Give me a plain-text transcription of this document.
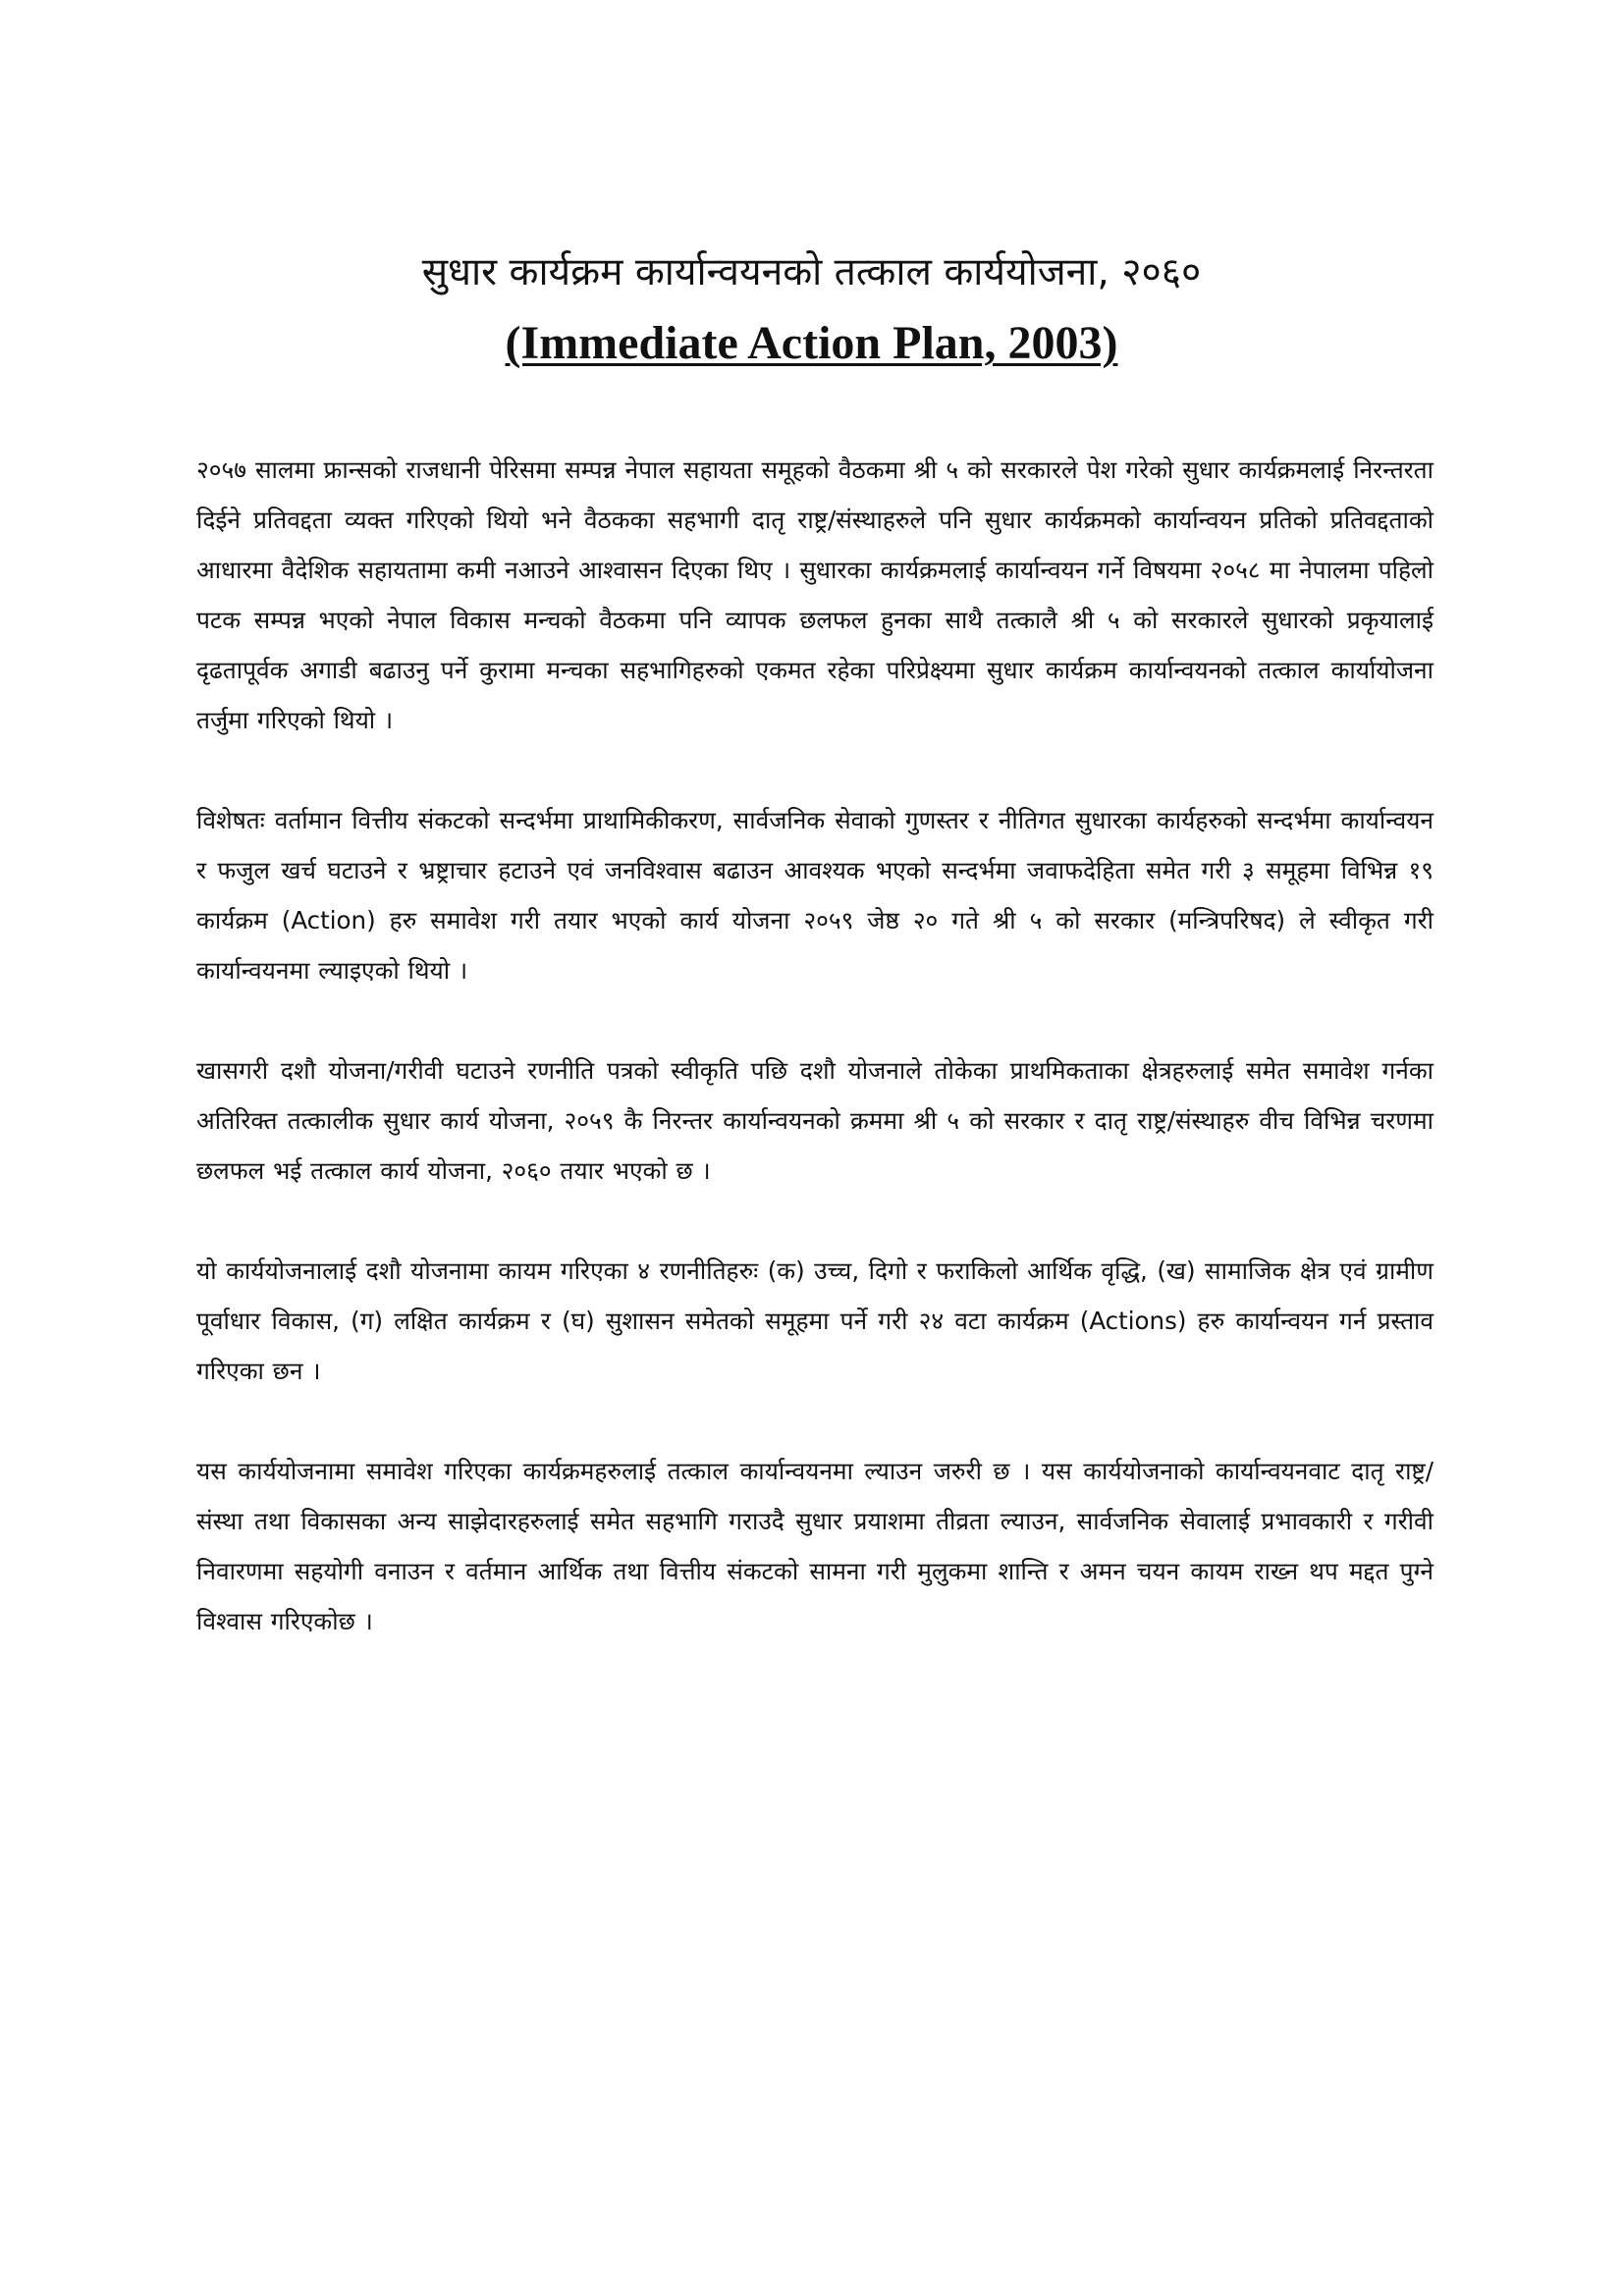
सुधार कार्यक्रम कार्यान्वयनको तत्काल कार्ययोजना, २०६०
(Immediate Action Plan, 2003)

२०५७ सालमा फ्रान्सको राजधानी पेरिसमा सम्पन्न नेपाल सहायता समूहको वैठकमा श्री ५ को सरकारले पेश गरेको सुधार कार्यक्रमलाई निरन्तरता दिईने प्रतिवद्दता व्यक्त गरिएको थियो भने वैठकका सहभागी दातृ राष्ट्र/संस्थाहरुले पनि सुधार कार्यक्रमको कार्यान्वयन प्रतिको प्रतिवद्दताको आधारमा वैदेशिक सहायतामा कमी नआउने आश्वासन दिएका थिए । सुधारका कार्यक्रमलाई कार्यान्वयन गर्ने विषयमा २०५८ मा नेपालमा पहिलो पटक सम्पन्न भएको नेपाल विकास मन्चको वैठकमा पनि व्यापक छलफल हुनका साथै तत्कालै श्री ५ को सरकारले सुधारको प्रकृयालाई दृढतापूर्वक अगाडी बढाउनु पर्ने कुरामा मन्चका सहभागिहरुको एकमत रहेका परिप्रेक्ष्यमा सुधार कार्यक्रम कार्यान्वयनको तत्काल कार्यायोजना तर्जुमा गरिएको थियो ।

विशेषतः वर्तामान वित्तीय संकटको सन्दर्भमा प्राथामिकीकरण, सार्वजनिक सेवाको गुणस्तर र नीतिगत सुधारका कार्यहरुको सन्दर्भमा कार्यान्वयन र फजुल खर्च घटाउने र भ्रष्ट्राचार हटाउने एवं जनविश्वास बढाउन आवश्यक भएको सन्दर्भमा जवाफदेहिता समेत गरी ३ समूहमा विभिन्न १९ कार्यक्रम (Action) हरु समावेश गरी तयार भएको कार्य योजना २०५९ जेष्ठ २० गते श्री ५ को सरकार (मन्त्रिपरिषद) ले स्वीकृत गरी कार्यान्वयनमा ल्याइएको थियो ।

खासगरी दशौ योजना/गरीवी घटाउने रणनीति पत्रको स्वीकृति पछि दशौ योजनाले तोकेका प्राथमिकताका क्षेत्रहरुलाई समेत समावेश गर्नका अतिरिक्त तत्कालीक सुधार कार्य योजना, २०५९ कै निरन्तर कार्यान्वयनको क्रममा श्री ५ को सरकार र दातृ राष्ट्र/संस्थाहरु वीच विभिन्न चरणमा छलफल भई तत्काल कार्य योजना, २०६० तयार भएको छ ।

यो कार्ययोजनालाई दशौ योजनामा कायम गरिएका ४ रणनीतिहरुः (क) उच्च, दिगो र फराकिलो आर्थिक वृद्धि, (ख) सामाजिक क्षेत्र एवं ग्रामीण पूर्वाधार विकास, (ग) लक्षित कार्यक्रम र (घ) सुशासन समेतको समूहमा पर्ने गरी २४ वटा कार्यक्रम (Actions) हरु कार्यान्वयन गर्न प्रस्ताव गरिएका छन ।

यस कार्ययोजनामा समावेश गरिएका कार्यक्रमहरुलाई तत्काल कार्यान्वयनमा ल्याउन जरुरी छ । यस कार्ययोजनाको कार्यान्वयनवाट दातृ राष्ट्र/संस्था तथा विकासका अन्य साझेदारहरुलाई समेत सहभागि गराउदै सुधार प्रयाशमा तीव्रता ल्याउन, सार्वजनिक सेवालाई प्रभावकारी र गरीवी निवारणमा सहयोगी वनाउन र वर्तमान आर्थिक तथा वित्तीय संकटको सामना गरी मुलुकमा शान्ति र अमन चयन कायम राख्न थप मद्दत पुग्ने विश्वास गरिएकोछ ।
